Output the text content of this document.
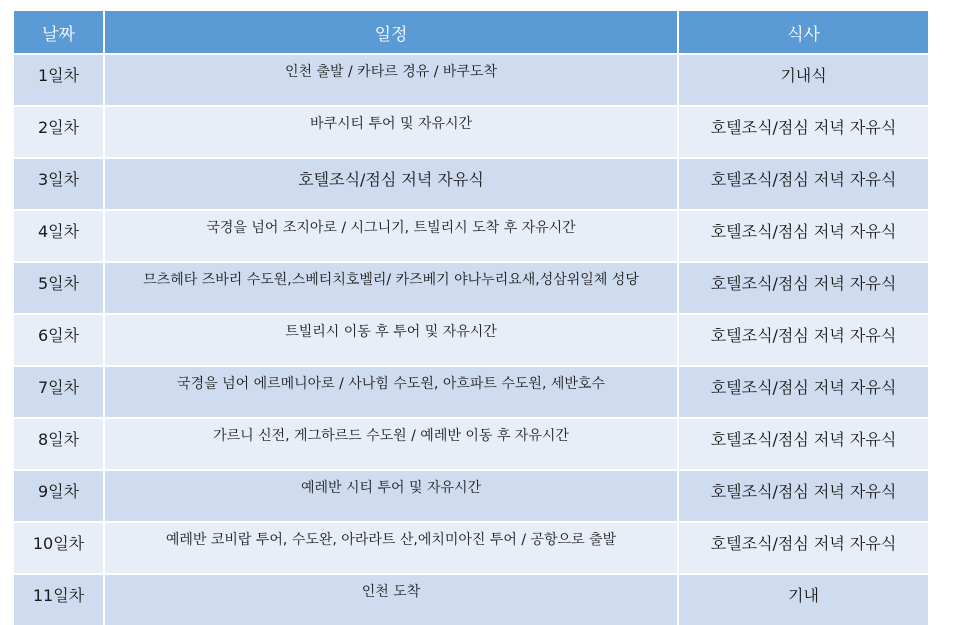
날짜	일정	식사
1일차	인천 출발 / 카타르 경유 / 바쿠도착	기내식
2일차	바쿠시티 투어 및 자유시간	호텔조식/점심 저녁 자유식
3일차	호텔조식/점심 저녁 자유식	호텔조식/점심 저녁 자유식
4일차	국경을 넘어 조지아로 / 시그니기, 트빌리시 도착 후 자유시간	호텔조식/점심 저녁 자유식
5일차	므츠헤타 즈바리 수도원,스베티치호벨리/ 카즈베기 야나누리요새,성삼위일체 성당	호텔조식/점심 저녁 자유식
6일차	트빌리시 이동 후 투어 및 자유시간	호텔조식/점심 저녁 자유식
7일차	국경을 넘어 에르메니아로 / 사나힘 수도원, 아흐파트 수도원, 세반호수	호텔조식/점심 저녁 자유식
8일차	가르니 신전, 게그하르드 수도원 / 예레반 이동 후 자유시간	호텔조식/점심 저녁 자유식
9일차	예레반 시티 투어 및 자유시간	호텔조식/점심 저녁 자유식
10일차	예레반 코비랍 투어, 수도완, 아라라트 산,에치미아진 투어 / 공항으로 출발	호텔조식/점심 저녁 자유식
11일차	인천 도착	기내
